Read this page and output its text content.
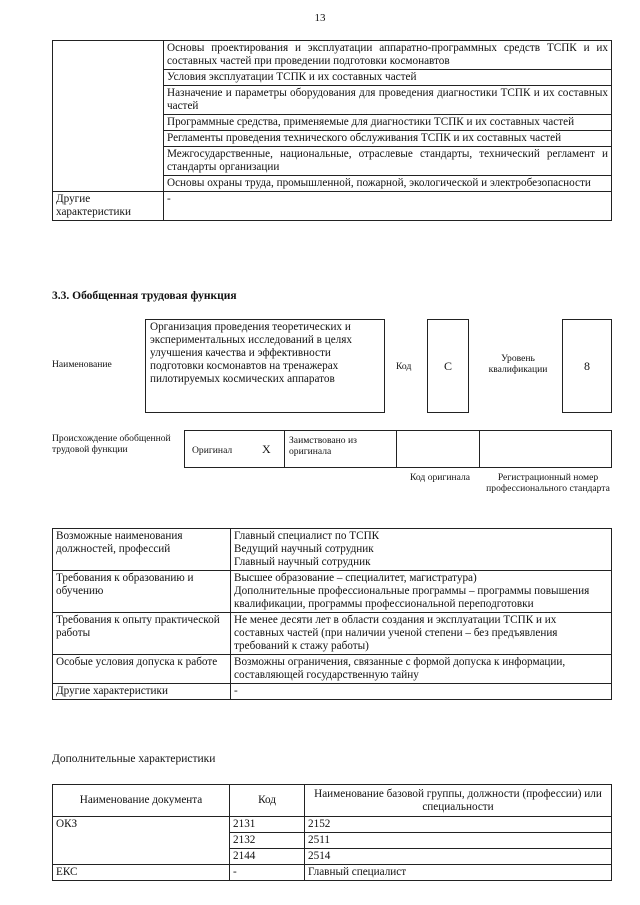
13
	Основы проектирования и эксплуатации аппаратно-программных средств ТСПК и их составных частей при проведении подготовки космонавтов
	Условия эксплуатации ТСПК и их составных частей
	Назначение и параметры оборудования для проведения диагностики ТСПК и их составных частей
	Программные средства, применяемые для диагностики ТСПК и их составных частей
	Регламенты проведения технического обслуживания ТСПК и их составных частей
	Межгосударственные, национальные, отраслевые стандарты, технический регламент и стандарты организации
	Основы охраны труда, промышленной, пожарной, экологической и электробезопасности
Другие характеристики	-
3.3. Обобщенная трудовая функция
Наименование
Организация проведения теоретических и экспериментальных исследований в целях улучшения качества и эффективности подготовки космонавтов на тренажерах пилотируемых космических аппаратов
Код	С	Уровень квалификации	8
Происхождение обобщенной трудовой функции	Оригинал X
Заимствовано из оригинала
Код оригинала	Регистрационный номер профессионального стандарта
Возможные наименования должностей, профессий	Главный специалист по ТСПК
Ведущий научный сотрудник
Главный научный сотрудник

Требования к образованию и обучению	Высшее образование – специалитет, магистратура)
Дополнительные профессиональные программы – программы повышения квалификации, программы профессиональной переподготовки

Требования к опыту практической работы	Не менее десяти лет в области создания и эксплуатации ТСПК и их составных частей (при наличии ученой степени – без предъявления требований к стажу работы)

Особые условия допуска к работе	Возможны ограничения, связанные с формой допуска к информации, составляющей государственную тайну

Другие характеристики	-
Дополнительные характеристики
Наименование документа	Код	Наименование базовой группы, должности (профессии) или специальности
ОКЗ	2131	2152
	2132	2511
	2144	2514
ЕКС	-	Главный специалист
